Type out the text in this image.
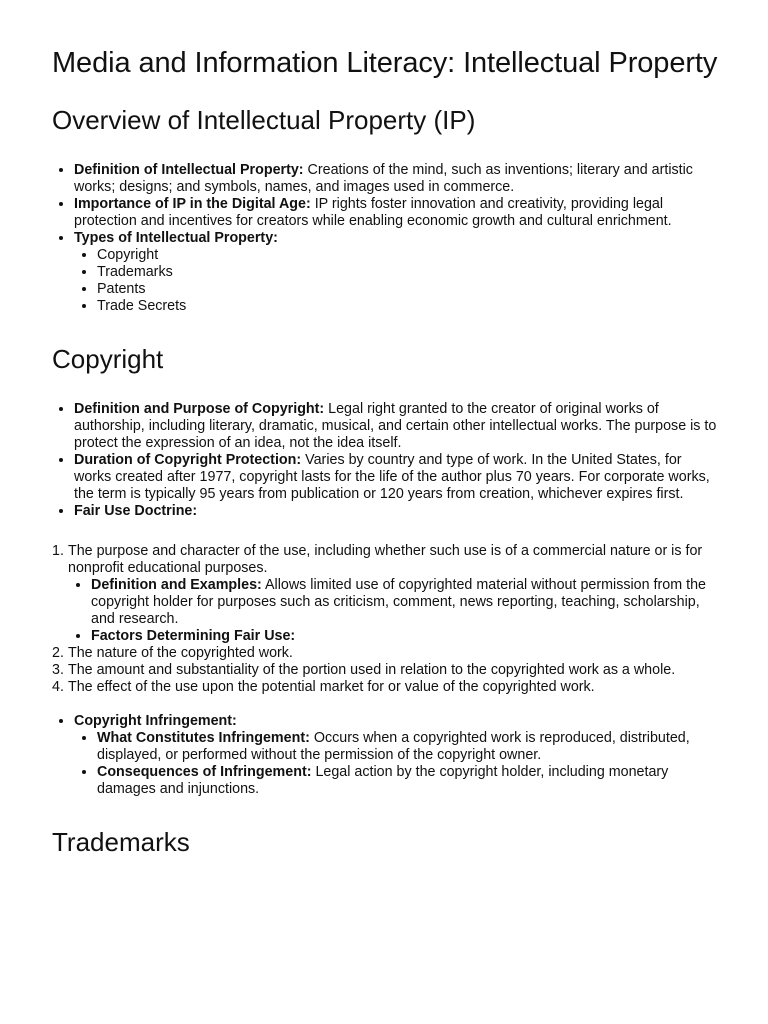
Media and Information Literacy: Intellectual Property
Overview of Intellectual Property (IP)
• Definition of Intellectual Property: Creations of the mind, such as inventions; literary and artistic works; designs; and symbols, names, and images used in commerce.
• Importance of IP in the Digital Age: IP rights foster innovation and creativity, providing legal protection and incentives for creators while enabling economic growth and cultural enrichment.
• Types of Intellectual Property:
• Copyright
• Trademarks
• Patents
• Trade Secrets
Copyright
• Definition and Purpose of Copyright: Legal right granted to the creator of original works of authorship, including literary, dramatic, musical, and certain other intellectual works. The purpose is to protect the expression of an idea, not the idea itself.
• Duration of Copyright Protection: Varies by country and type of work. In the United States, for works created after 1977, copyright lasts for the life of the author plus 70 years. For corporate works, the term is typically 95 years from publication or 120 years from creation, whichever expires first.
• Fair Use Doctrine:
1. The purpose and character of the use, including whether such use is of a commercial nature or is for nonprofit educational purposes.
• Definition and Examples: Allows limited use of copyrighted material without permission from the copyright holder for purposes such as criticism, comment, news reporting, teaching, scholarship, and research.
• Factors Determining Fair Use:
2. The nature of the copyrighted work.
3. The amount and substantiality of the portion used in relation to the copyrighted work as a whole.
4. The effect of the use upon the potential market for or value of the copyrighted work.
• Copyright Infringement:
• What Constitutes Infringement: Occurs when a copyrighted work is reproduced, distributed, displayed, or performed without the permission of the copyright owner.
• Consequences of Infringement: Legal action by the copyright holder, including monetary damages and injunctions.
Trademarks
